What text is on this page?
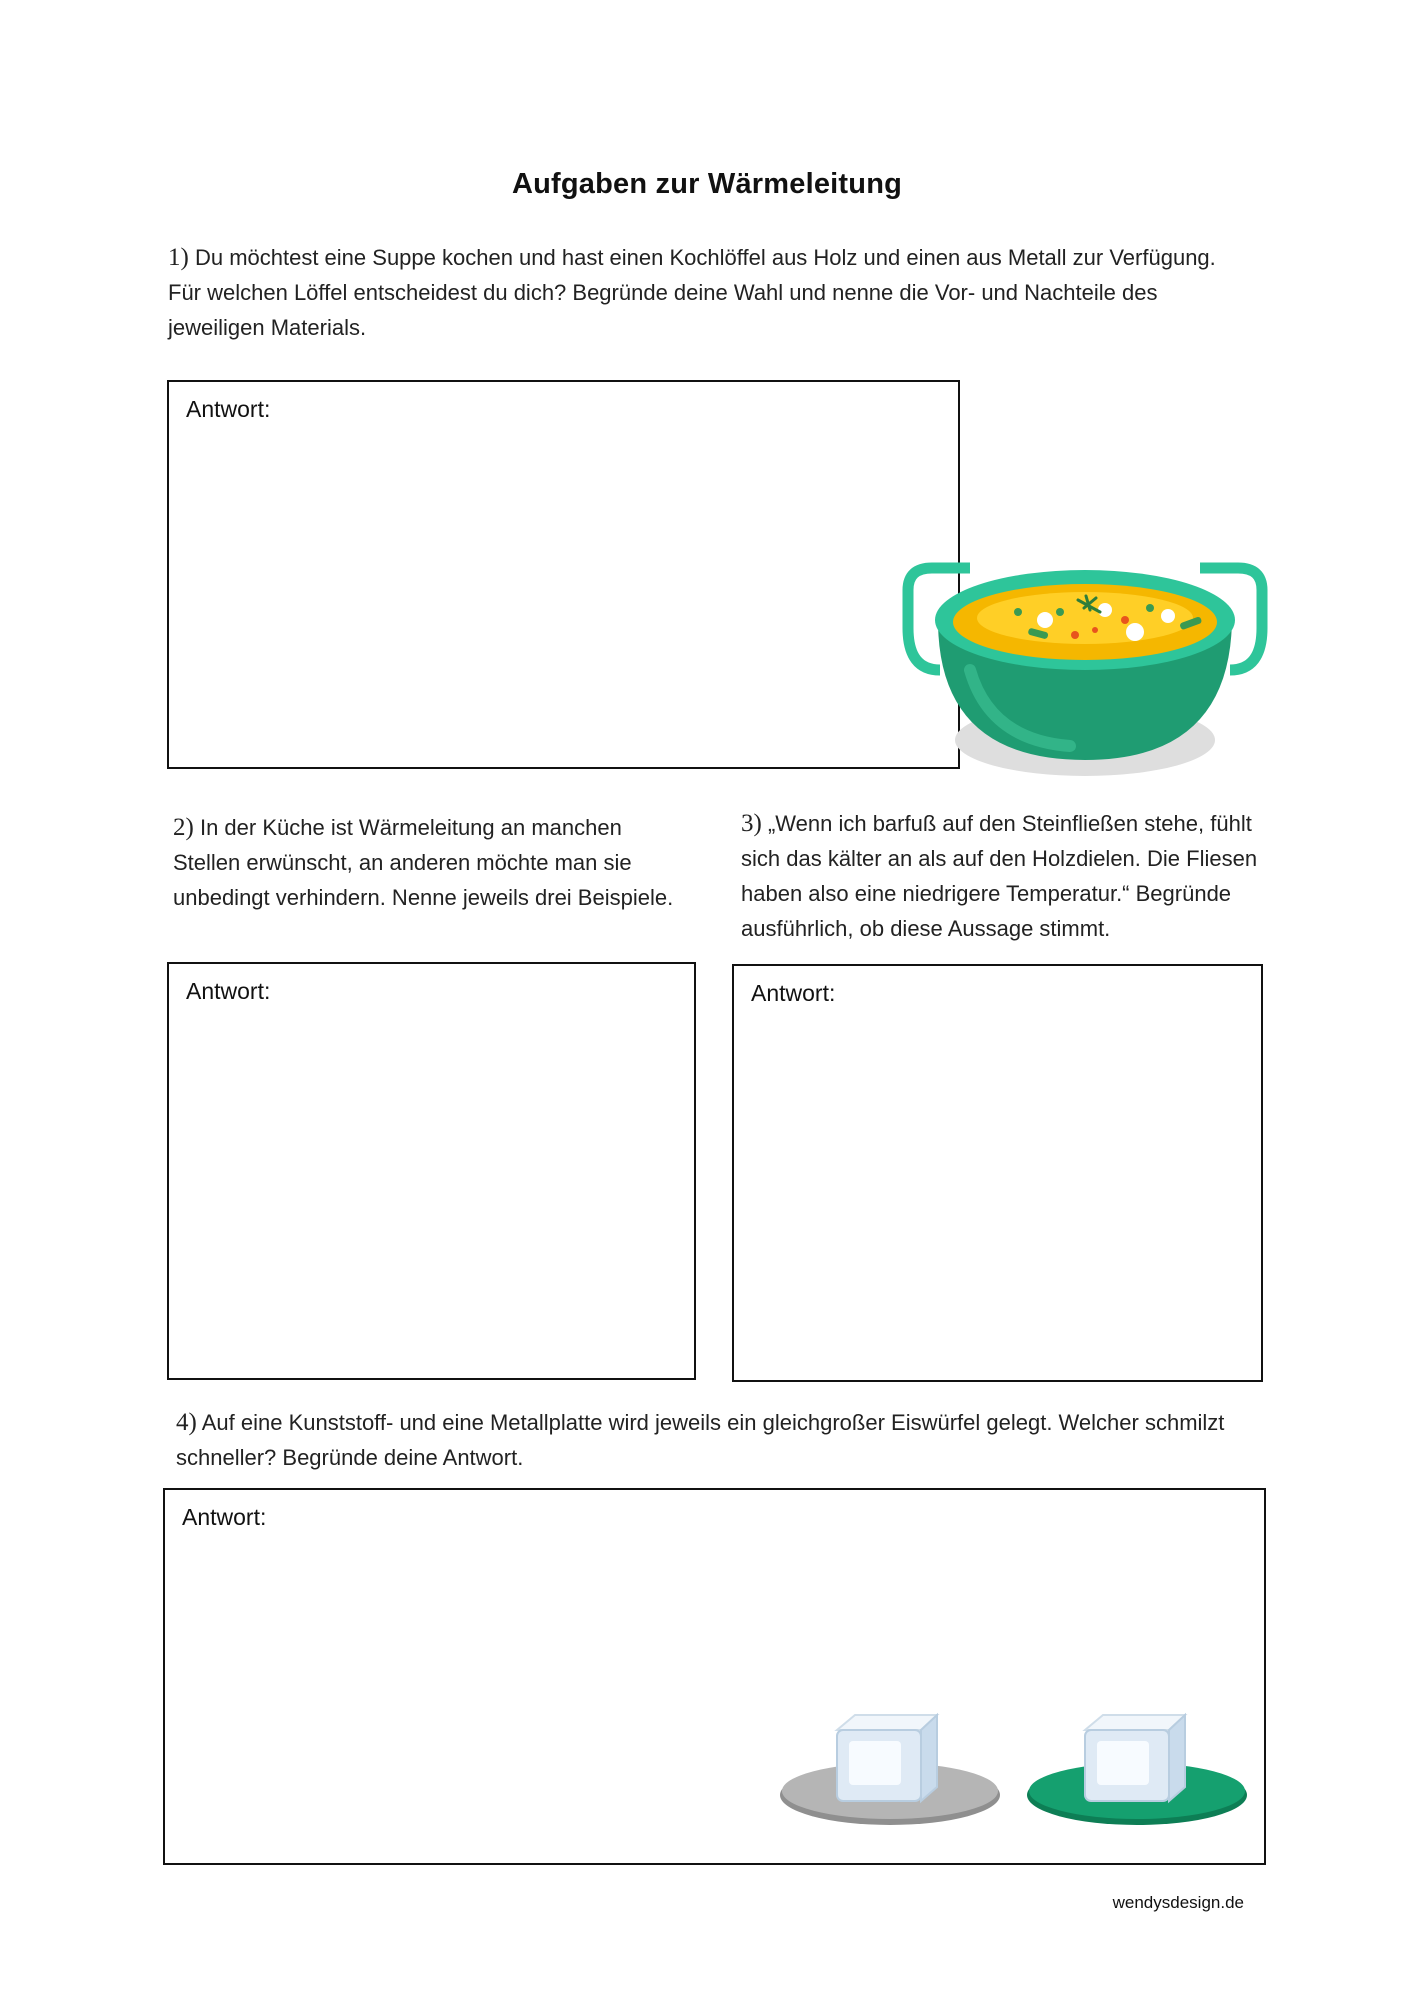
Aufgaben zur Wärmeleitung
1) Du möchtest eine Suppe kochen und hast einen Kochlöffel aus Holz und einen aus Metall zur Verfügung. Für welchen Löffel entscheidest du dich? Begründe deine Wahl und nenne die Vor- und Nachteile des jeweiligen Materials.
Antwort:
2) In der Küche ist Wärmeleitung an manchen Stellen erwünscht, an anderen möchte man sie unbedingt verhindern. Nenne jeweils drei Beispiele.
Antwort:
3) „Wenn ich barfuß auf den Steinfließen stehe, fühlt sich das kälter an als auf den Holzdielen. Die Fliesen haben also eine niedrigere Temperatur.“ Begründe ausführlich, ob diese Aussage stimmt.
Antwort:
4) Auf eine Kunststoff- und eine Metallplatte wird jeweils ein gleichgroßer Eiswürfel gelegt. Welcher schmilzt schneller? Begründe deine Antwort.
Antwort:
wendysdesign.de
